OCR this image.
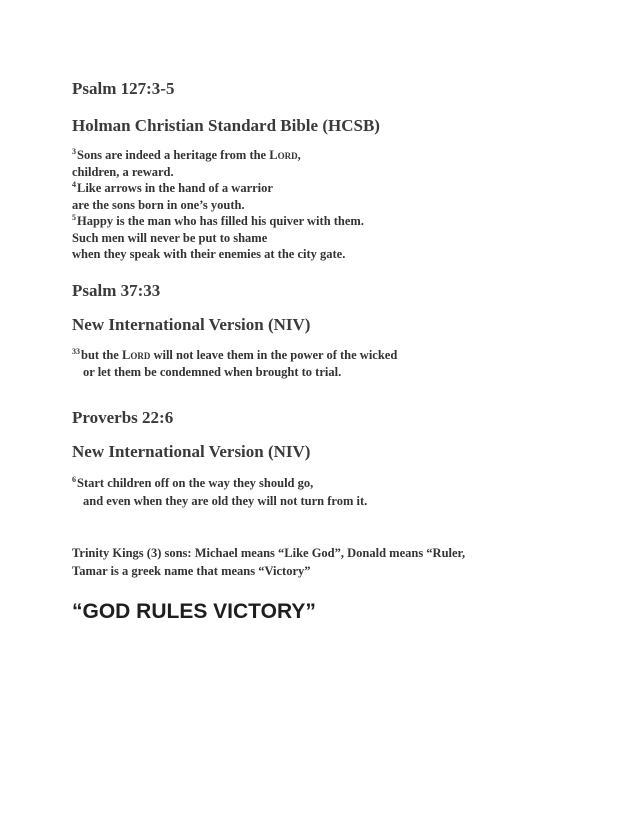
Psalm 127:3-5
Holman Christian Standard Bible (HCSB)
$^3$Sons are indeed a heritage from the Lord,
children, a reward.
$^4$Like arrows in the hand of a warrior
are the sons born in one’s youth.
$^5$Happy is the man who has filled his quiver with them.
Such men will never be put to shame
when they speak with their enemies at the city gate.
Psalm 37:33
New International Version (NIV)
$^{33}$but the Lord will not leave them in the power of the wicked
or let them be condemned when brought to trial.
Proverbs 22:6
New International Version (NIV)
$^6$Start children off on the way they should go,
and even when they are old they will not turn from it.
Trinity Kings (3) sons: Michael means “Like God”, Donald means “Ruler,
Tamar is a greek name that means “Victory”
“GOD RULES VICTORY”
